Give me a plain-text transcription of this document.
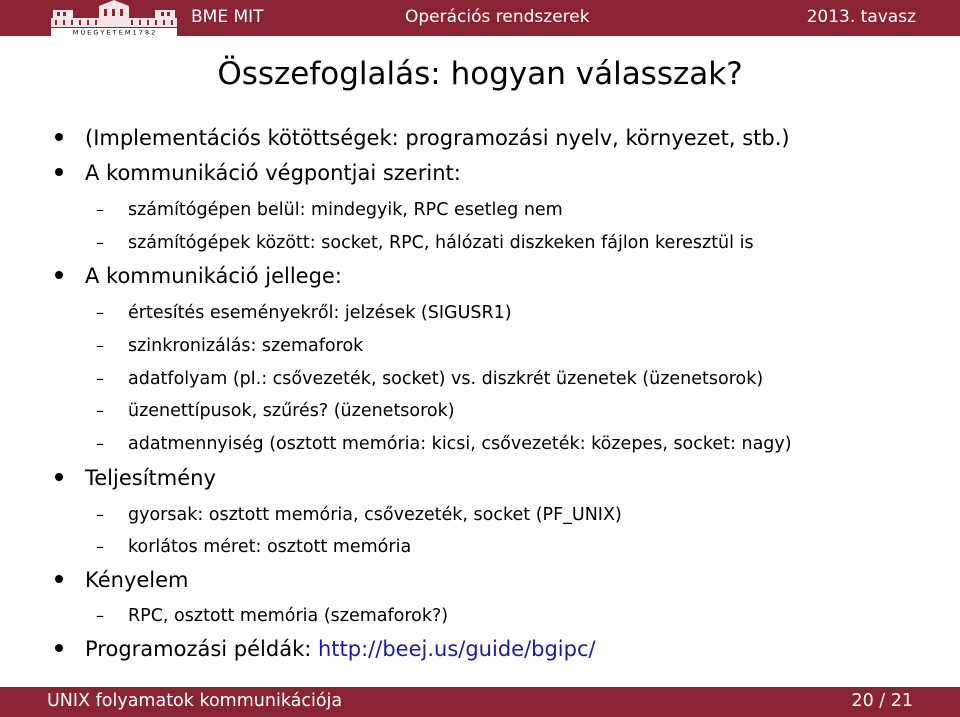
M Ű E G Y E T E M 1 7 8 2
BME MIT	Operációs rendszerek	2013. tavasz
Összefoglalás: hogyan válasszak?
(Implementációs kötöttségek: programozási nyelv, környezet, stb.)
A kommunikáció végpontjai szerint:
– számítógépen belül: mindegyik, RPC esetleg nem
– számítógépek között: socket, RPC, hálózati diszkeken fájlon keresztül is
A kommunikáció jellege:
– értesítés eseményekről: jelzések (SIGUSR1)
– szinkronizálás: szemaforok
– adatfolyam (pl.: csővezeték, socket) vs. diszkrét üzenetek (üzenetsorok)
– üzenettípusok, szűrés? (üzenetsorok)
– adatmennyiség (osztott memória: kicsi, csővezeték: közepes, socket: nagy)
Teljesítmény
– gyorsak: osztott memória, csővezeték, socket (PF_UNIX)
– korlátos méret: osztott memória
Kényelem
– RPC, osztott memória (szemaforok?)
Programozási példák: http://beej.us/guide/bgipc/
UNIX folyamatok kommunikációja	20 / 21
